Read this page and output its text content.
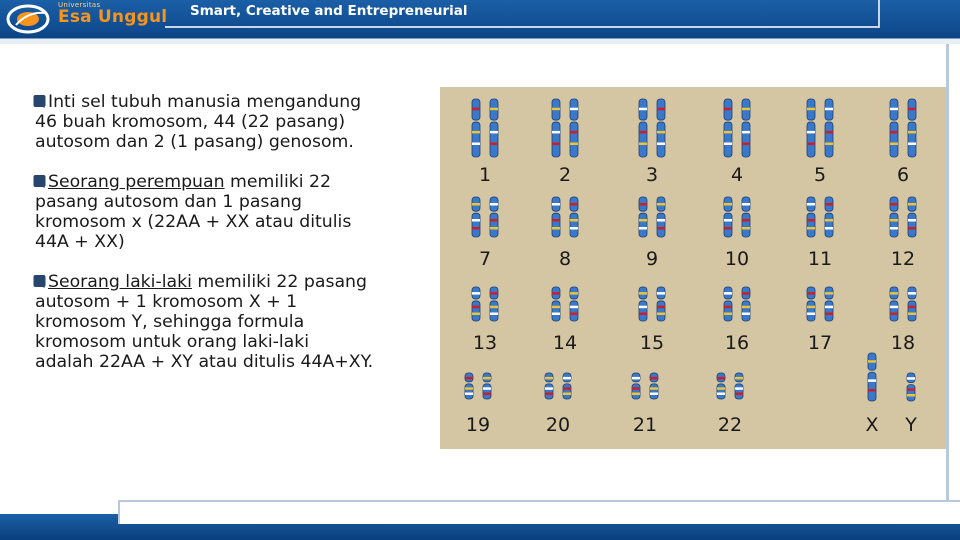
Universitas
Esa Unggul Smart, Creative and Entrepreneurial
Inti sel tubuh manusia mengandung
46 buah kromosom, 44 (22 pasang)
autosom dan 2 (1 pasang) genosom.
Seorang perempuan memiliki 22
pasang autosom dan 1 pasang
kromosom x (22AA + XX atau ditulis
44A + XX)
Seorang laki-laki memiliki 22 pasang
autosom + 1 kromosom X + 1
kromosom Y, sehingga formula
kromosom untuk orang laki-laki
adalah 22AA + XY atau ditulis 44A+XY.
1	2	3	4	5	6
7	8	9	10	11	12
13	14	15	16	17	18
19	20	21	22	X Y
